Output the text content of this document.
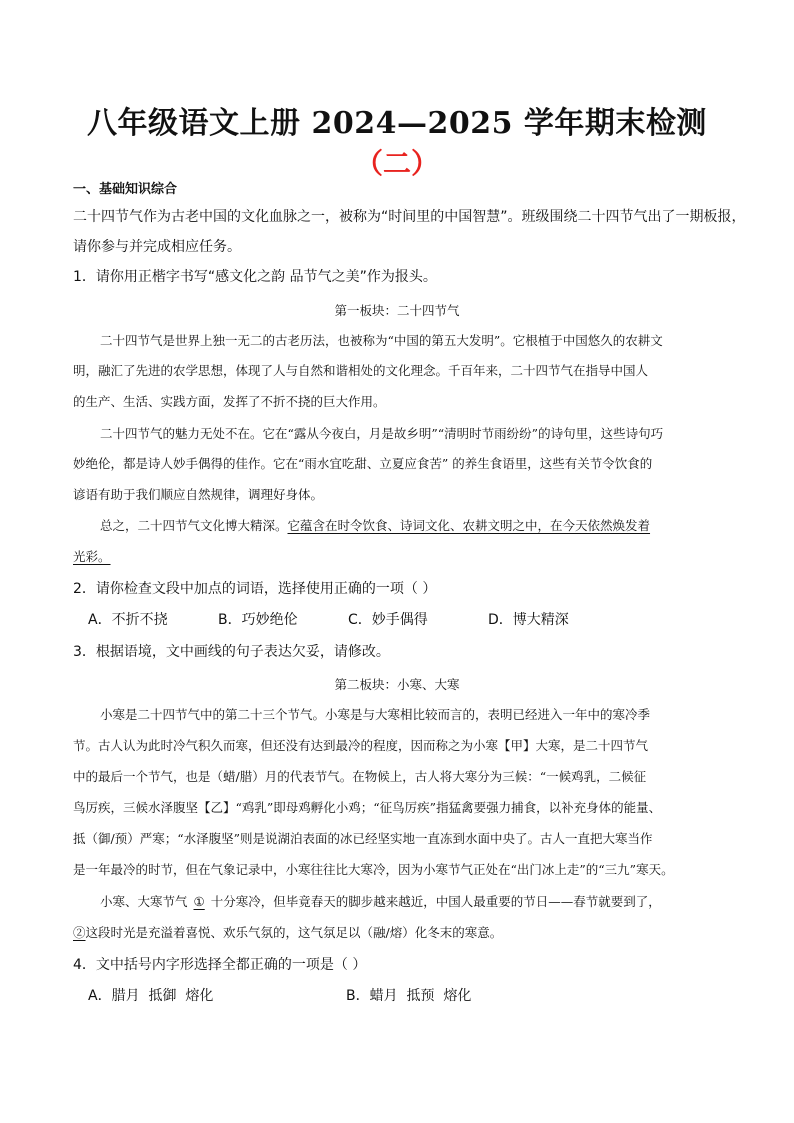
八年级语文上册 2024—2025 学年期末检测
（二）
一、基础知识综合
二十四节气作为古老中国的文化血脉之一，被称为“时间里的中国智慧”。班级围绕二十四节气出了一期板报，
请你参与并完成相应任务。
1．请你用正楷字书写“感文化之韵 品节气之美”作为报头。
第一板块：二十四节气
二十四节气是世界上独一无二的古老历法，也被称为“中国的第五大发明”。它根植于中国悠久的农耕文
明，融汇了先进的农学思想，体现了人与自然和谐相处的文化理念。千百年来，二十四节气在指导中国人
的生产、生活、实践方面，发挥了不折不挠的巨大作用。
二十四节气的魅力无处不在。它在“露从今夜白，月是故乡明”“清明时节雨纷纷”的诗句里，这些诗句巧
妙绝伦，都是诗人妙手偶得的佳作。它在“雨水宜吃甜、立夏应食苦” 的养生食语里，这些有关节令饮食的
谚语有助于我们顺应自然规律，调理好身体。
总之，二十四节气文化博大精深。它蕴含在时令饮食、诗词文化、农耕文明之中，在今天依然焕发着
光彩。
2．请你检查文段中加点的词语，选择使用正确的一项（ ）
A．不折不挠	B．巧妙绝伦	C．妙手偶得	D．博大精深
3．根据语境，文中画线的句子表达欠妥，请修改。
第二板块：小寒、大寒
小寒是二十四节气中的第二十三个节气。小寒是与大寒相比较而言的，表明已经进入一年中的寒冷季
节。古人认为此时冷气积久而寒，但还没有达到最冷的程度，因而称之为小寒【甲】大寒，是二十四节气
中的最后一个节气，也是（蜡/腊）月的代表节气。在物候上，古人将大寒分为三候：“一候鸡乳，二候征
鸟厉疾，三候水泽腹坚【乙】“鸡乳”即母鸡孵化小鸡；“征鸟厉疾”指猛禽要强力捕食，以补充身体的能量、
抵（御/预）严寒；“水泽腹坚”则是说湖泊表面的冰已经坚实地一直冻到水面中央了。古人一直把大寒当作
是一年最冷的时节，但在气象记录中，小寒往往比大寒冷，因为小寒节气正处在“出门冰上走”的“三九”寒天。
小寒、大寒节气 ① 十分寒冷，但毕竟春天的脚步越来越近，中国人最重要的节日——春节就要到了，
②这段时光是充溢着喜悦、欢乐气氛的，这气氛足以（融/熔）化冬末的寒意。
4．文中括号内字形选择全都正确的一项是（ ）
A．腊月  抵御  熔化	B．蜡月  抵预  熔化
